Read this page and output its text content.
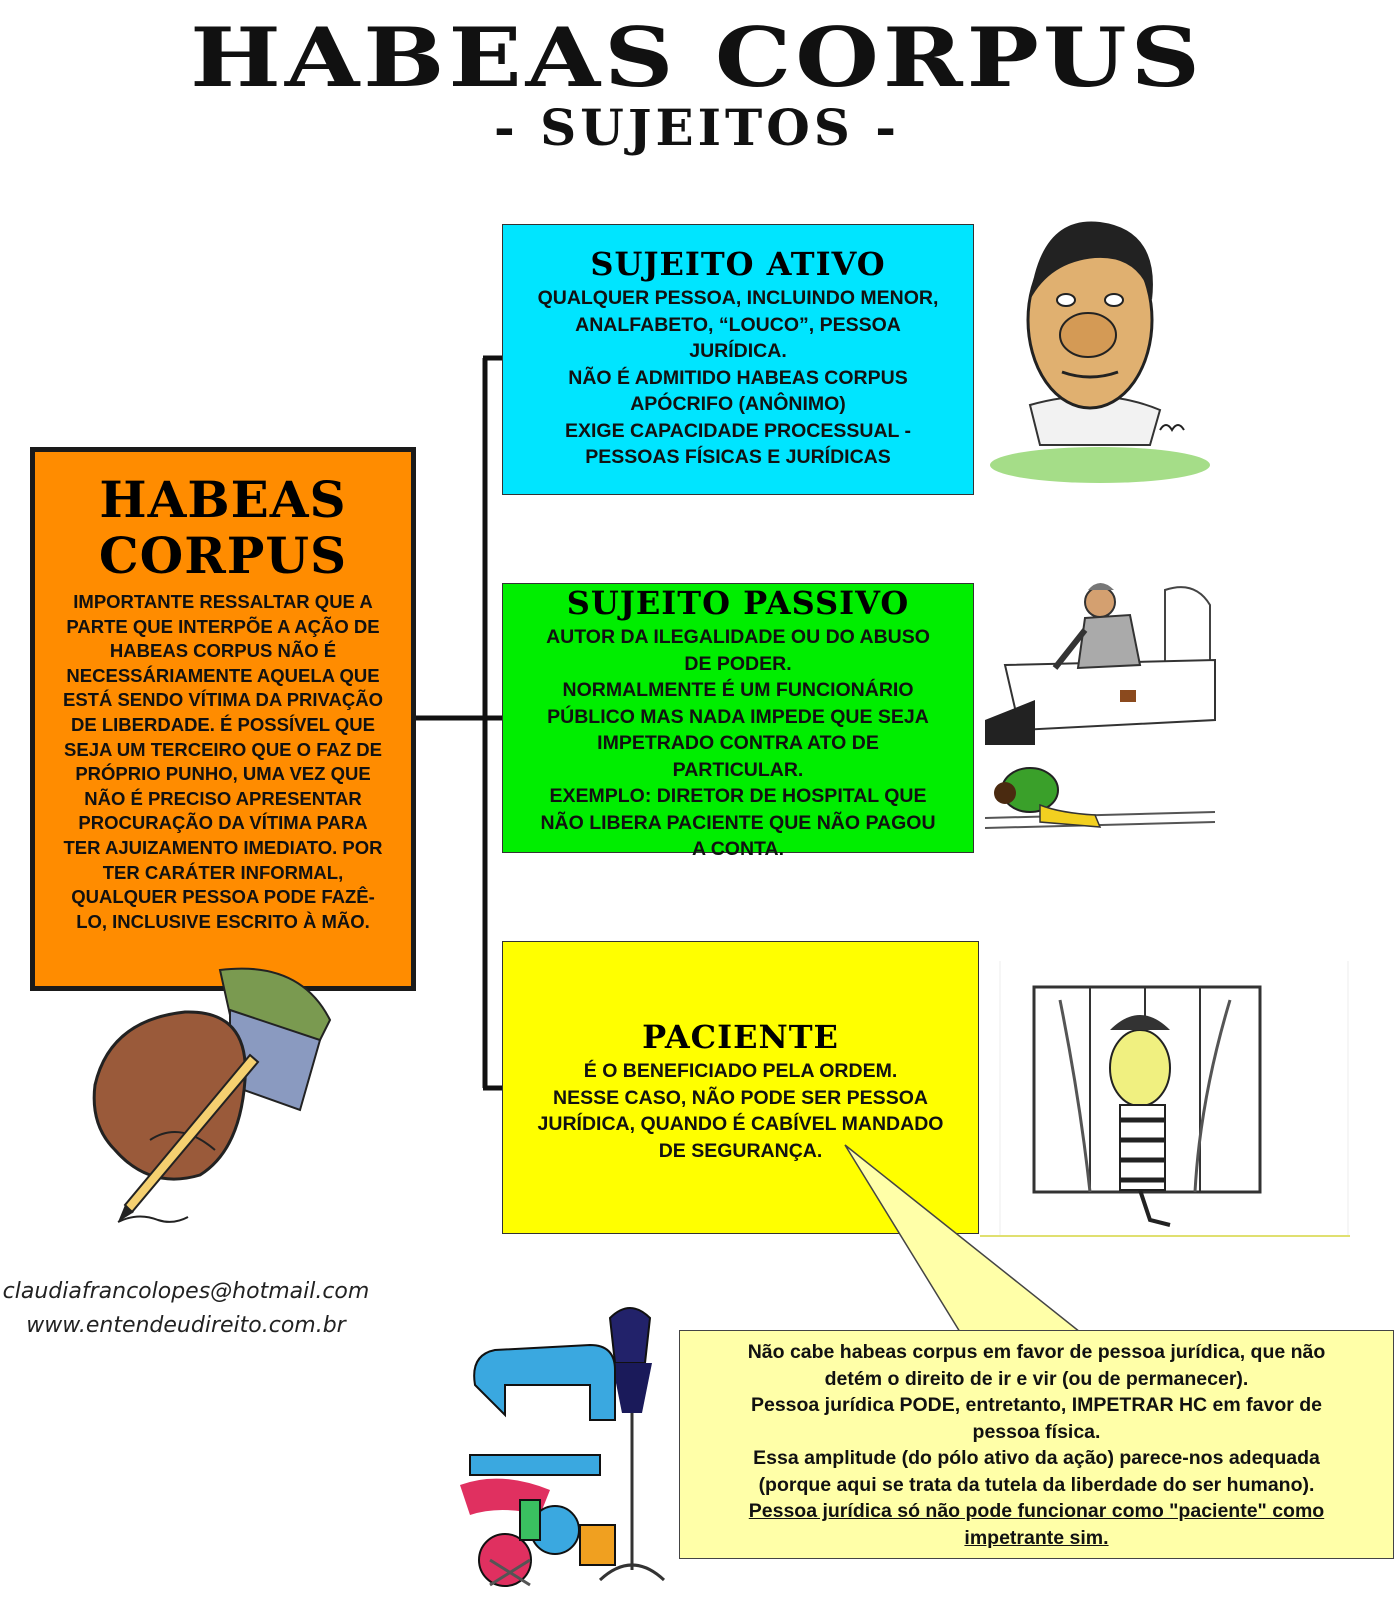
HABEAS CORPUS
- SUJEITOS -
HABEAS CORPUS

IMPORTANTE RESSALTAR QUE A
PARTE QUE INTERPÕE A AÇÃO DE
HABEAS CORPUS NÃO É
NECESSÁRIAMENTE AQUELA QUE
ESTÁ SENDO VÍTIMA DA PRIVAÇÃO
DE LIBERDADE. É POSSÍVEL QUE
SEJA UM TERCEIRO QUE O FAZ DE
PRÓPRIO PUNHO, UMA VEZ QUE
NÃO É PRECISO APRESENTAR
PROCURAÇÃO DA VÍTIMA PARA
TER AJUIZAMENTO IMEDIATO. POR
TER CARÁTER INFORMAL,
QUALQUER PESSOA PODE FAZÊ-
LO, INCLUSIVE ESCRITO À MÃO.

SUJEITO ATIVO

QUALQUER PESSOA, INCLUINDO MENOR,
ANALFABETO, “LOUCO”, PESSOA
JURÍDICA.
NÃO É ADMITIDO HABEAS CORPUS
APÓCRIFO (ANÔNIMO)
EXIGE CAPACIDADE PROCESSUAL -
PESSOAS FÍSICAS E JURÍDICAS

SUJEITO PASSIVO

AUTOR DA ILEGALIDADE OU DO ABUSO
DE PODER.
NORMALMENTE É UM FUNCIONÁRIO
PÚBLICO MAS NADA IMPEDE QUE SEJA
IMPETRADO CONTRA ATO DE
PARTICULAR.
EXEMPLO: DIRETOR DE HOSPITAL QUE
NÃO LIBERA PACIENTE QUE NÃO PAGOU
A CONTA.

PACIENTE

É O BENEFICIADO PELA ORDEM.
NESSE CASO, NÃO PODE SER PESSOA
JURÍDICA, QUANDO É CABÍVEL MANDADO
DE SEGURANÇA.

Não cabe habeas corpus em favor de pessoa jurídica, que não
detém o direito de ir e vir (ou de permanecer).
Pessoa jurídica PODE, entretanto, IMPETRAR HC em favor de
pessoa física.
Essa amplitude (do pólo ativo da ação) parece-nos adequada
(porque aqui se trata da tutela da liberdade do ser humano).
Pessoa jurídica só não pode funcionar como "paciente" como
impetrante sim.
claudiafrancolopes@hotmail.com
www.entendeudireito.com.br
